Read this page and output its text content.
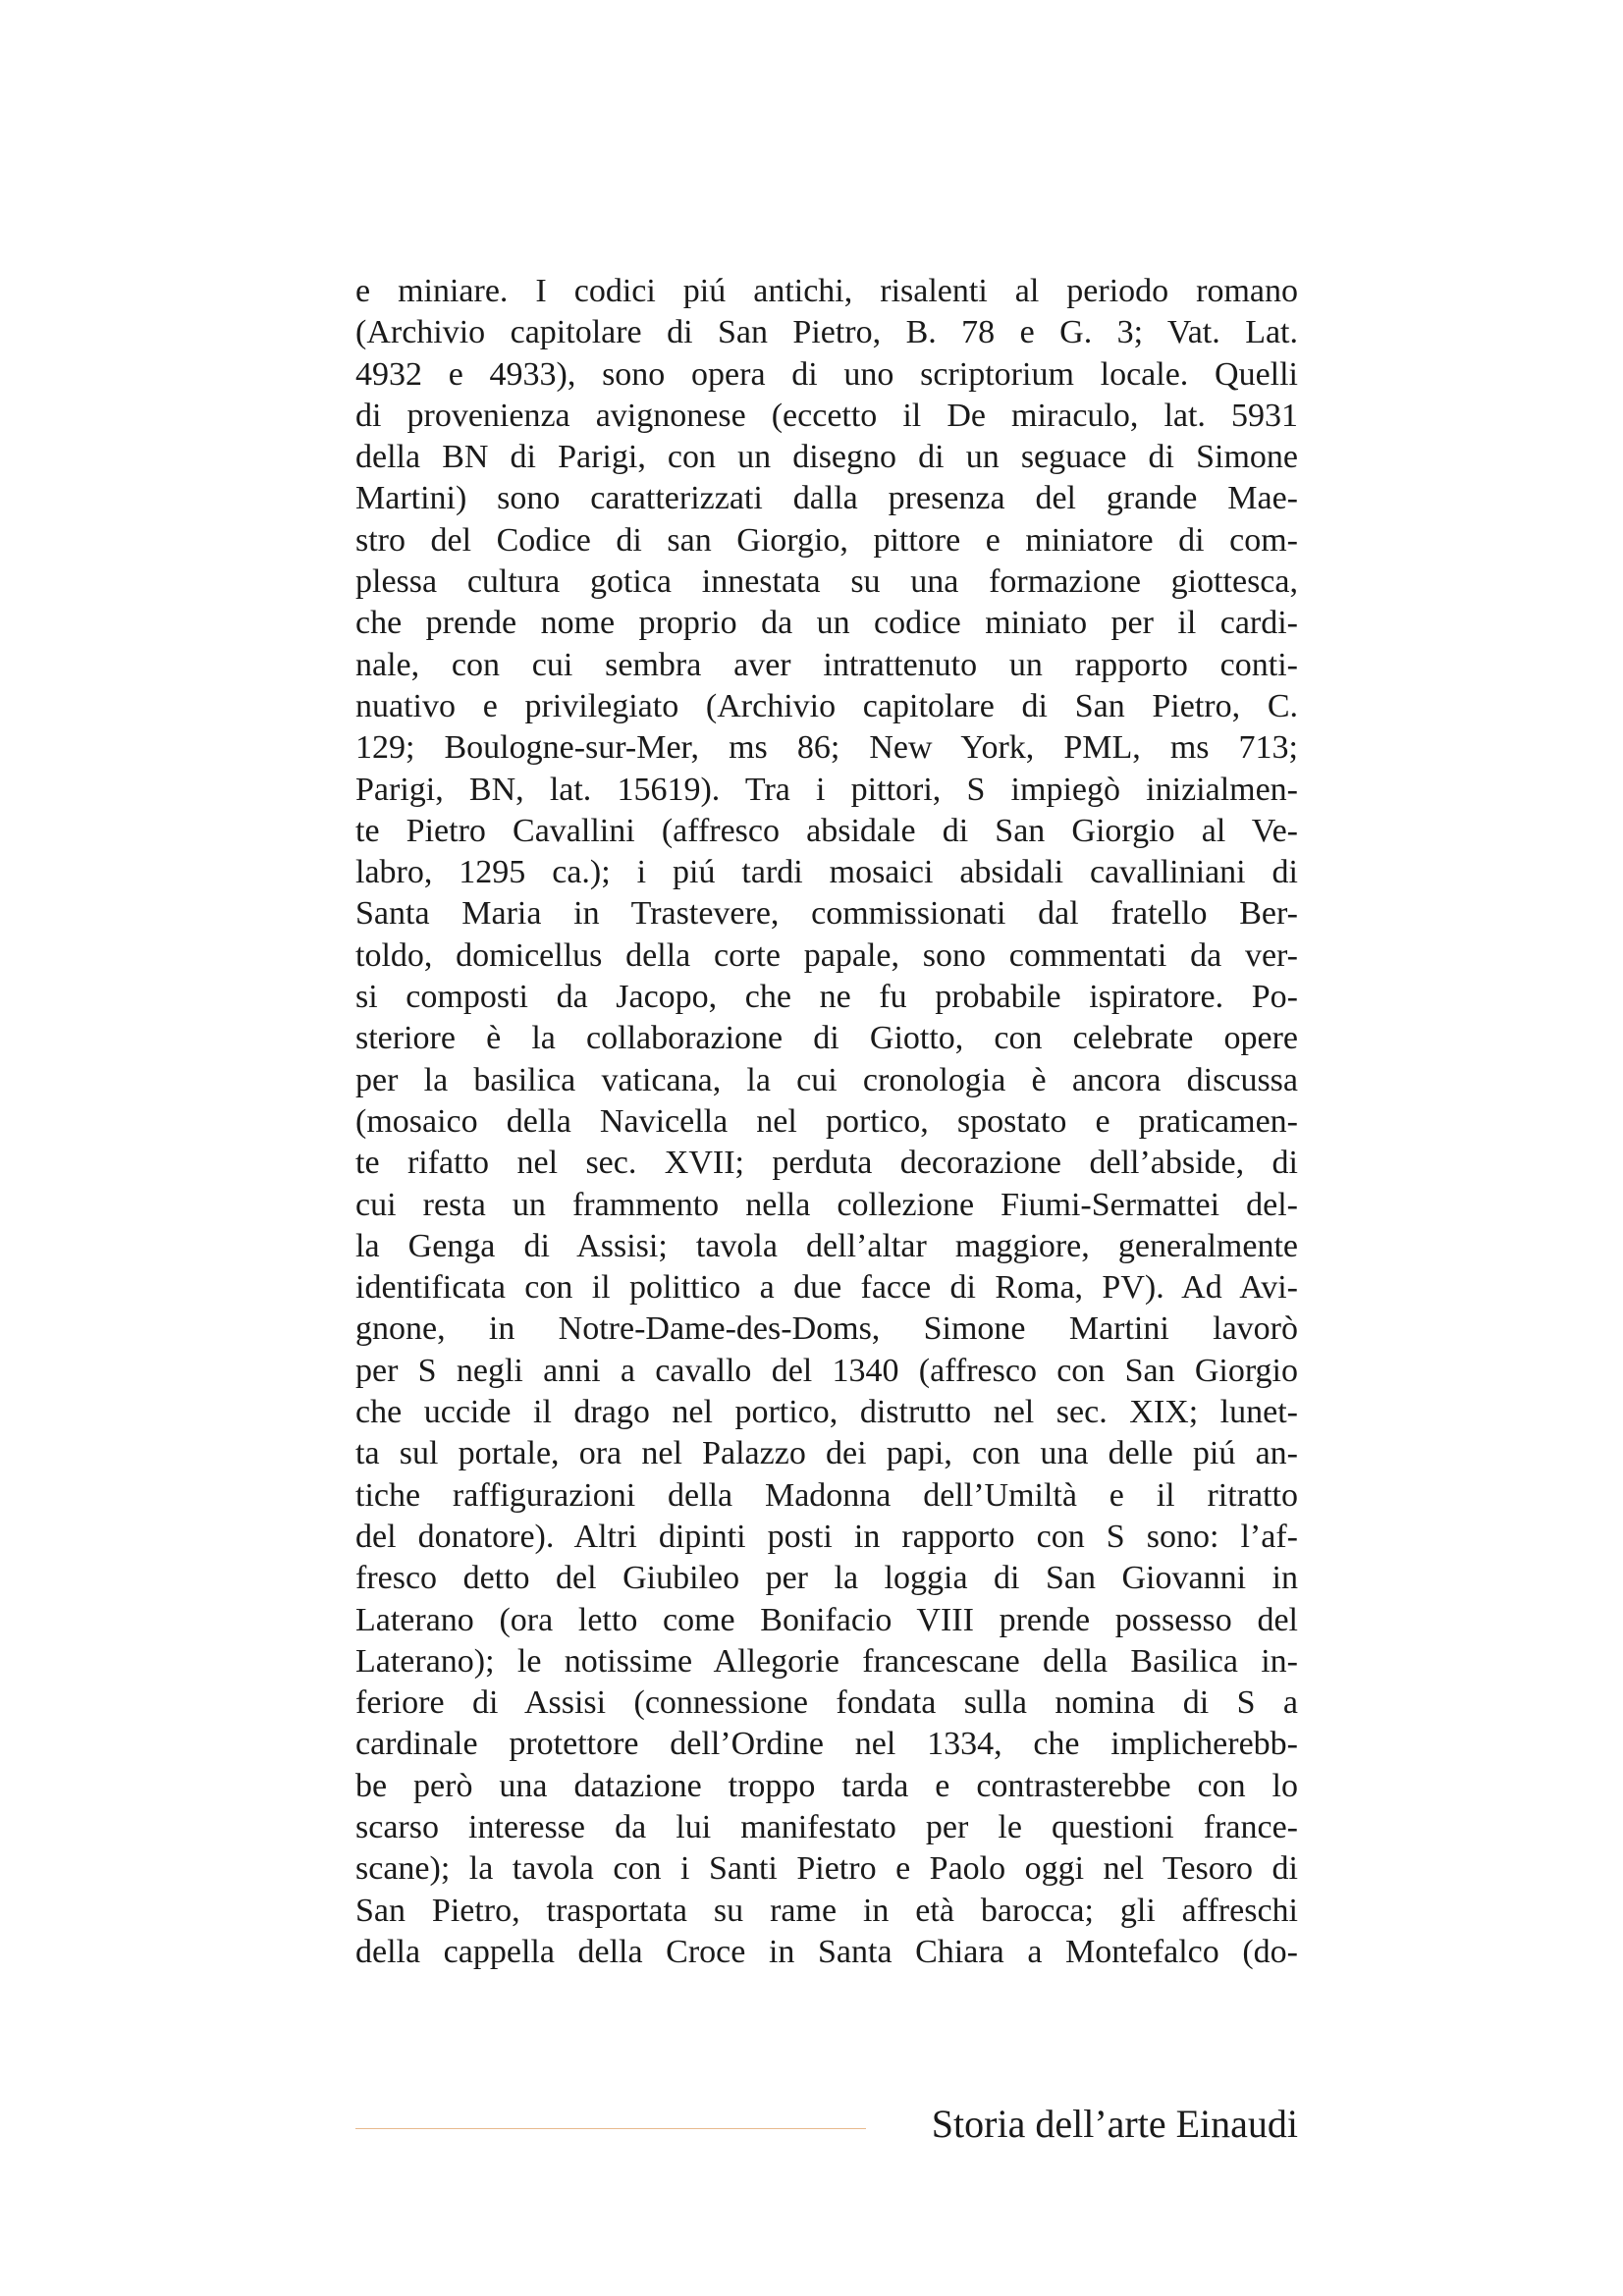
e miniare. I codici piú antichi, risalenti al periodo romano
(Archivio capitolare di San Pietro, B. 78 e G. 3; Vat. Lat.
4932 e 4933), sono opera di uno scriptorium locale. Quelli
di provenienza avignonese (eccetto il De miraculo, lat. 5931
della BN di Parigi, con un disegno di un seguace di Simone
Martini) sono caratterizzati dalla presenza del grande Mae-
stro del Codice di san Giorgio, pittore e miniatore di com-
plessa cultura gotica innestata su una formazione giottesca,
che prende nome proprio da un codice miniato per il cardi-
nale, con cui sembra aver intrattenuto un rapporto conti-
nuativo e privilegiato (Archivio capitolare di San Pietro, C.
129; Boulogne-sur-Mer, ms 86; New York, PML, ms 713;
Parigi, BN, lat. 15619). Tra i pittori, S impiegò inizialmen-
te Pietro Cavallini (affresco absidale di San Giorgio al Ve-
labro, 1295 ca.); i piú tardi mosaici absidali cavalliniani di
Santa Maria in Trastevere, commissionati dal fratello Ber-
toldo, domicellus della corte papale, sono commentati da ver-
si composti da Jacopo, che ne fu probabile ispiratore. Po-
steriore è la collaborazione di Giotto, con celebrate opere
per la basilica vaticana, la cui cronologia è ancora discussa
(mosaico della Navicella nel portico, spostato e praticamen-
te rifatto nel sec. XVII; perduta decorazione dell’abside, di
cui resta un frammento nella collezione Fiumi-Sermattei del-
la Genga di Assisi; tavola dell’altar maggiore, generalmente
identificata con il polittico a due facce di Roma, PV). Ad Avi-
gnone, in Notre-Dame-des-Doms, Simone Martini lavorò
per S negli anni a cavallo del 1340 (affresco con San Giorgio
che uccide il drago nel portico, distrutto nel sec. XIX; lunet-
ta sul portale, ora nel Palazzo dei papi, con una delle piú an-
tiche raffigurazioni della Madonna dell’Umiltà e il ritratto
del donatore). Altri dipinti posti in rapporto con S sono: l’af-
fresco detto del Giubileo per la loggia di San Giovanni in
Laterano (ora letto come Bonifacio VIII prende possesso del
Laterano); le notissime Allegorie francescane della Basilica in-
feriore di Assisi (connessione fondata sulla nomina di S a
cardinale protettore dell’Ordine nel 1334, che implicherebb-
be però una datazione troppo tarda e contrasterebbe con lo
scarso interesse da lui manifestato per le questioni france-
scane); la tavola con i Santi Pietro e Paolo oggi nel Tesoro di
San Pietro, trasportata su rame in età barocca; gli affreschi
della cappella della Croce in Santa Chiara a Montefalco (do-
Storia dell’arte Einaudi
